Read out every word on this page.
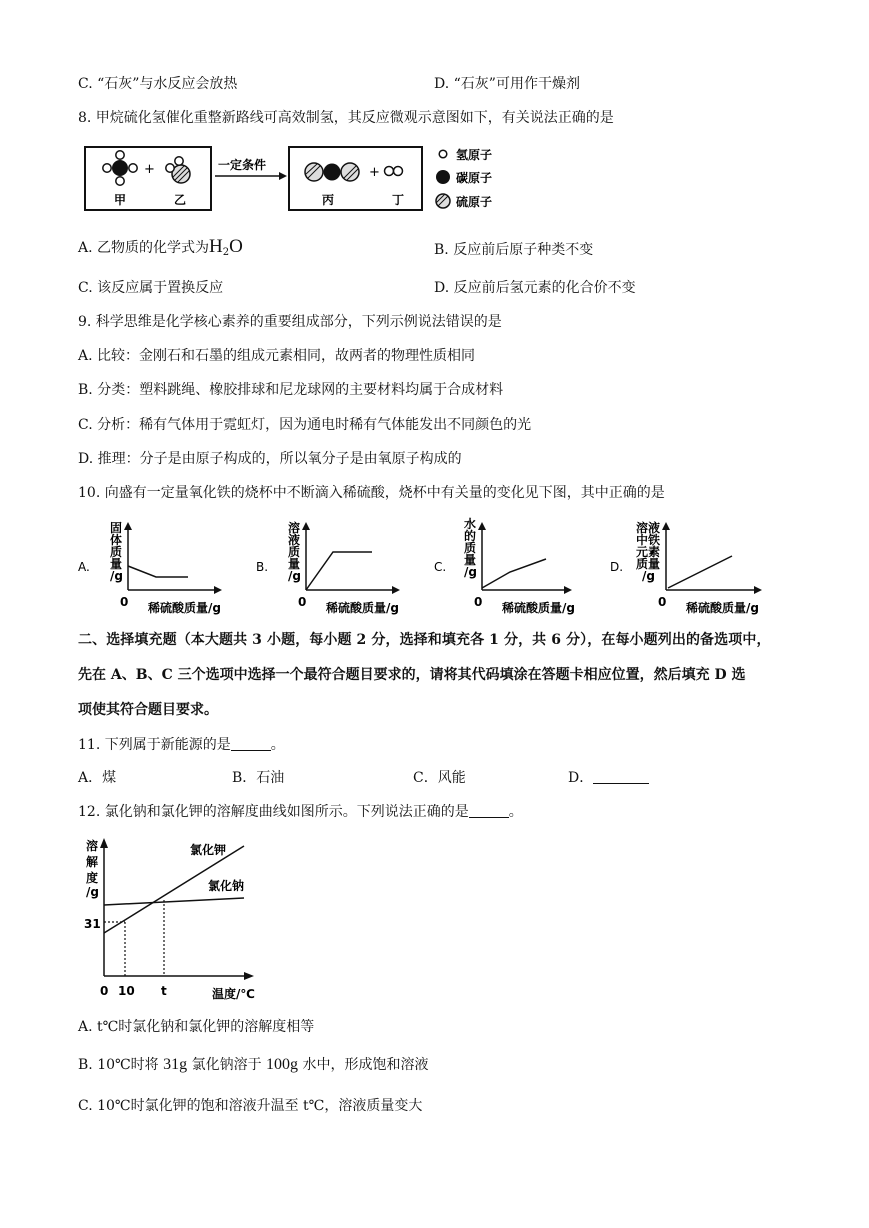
C. “石灰”与水反应会放热	D. “石灰”可用作干燥剂
8. 甲烷硫化氢催化重整新路线可高效制氢，其反应微观示意图如下，有关说法正确的是
+
甲	乙
一定条件	+
丙	丁
氢原子
碳原子
硫原子
A. 乙物质的化学式为$H_2O$	B. 反应前后原子种类不变
C. 该反应属于置换反应	D. 反应前后氢元素的化合价不变
9. 科学思维是化学核心素养的重要组成部分，下列示例说法错误的是
A. 比较：金刚石和石墨的组成元素相同，故两者的物理性质相同
B. 分类：塑料跳绳、橡胶排球和尼龙球网的主要材料均属于合成材料
C. 分析：稀有气体用于霓虹灯，因为通电时稀有气体能发出不同颜色的光
D. 推理：分子是由原子构成的，所以氧分子是由氧原子构成的
10. 向盛有一定量氧化铁的烧杯中不断滴入稀硫酸，烧杯中有关量的变化见下图，其中正确的是
A.
固
体
质
量
/g
0 稀硫酸质量/g
B.
溶
液
质
量
/g
0 稀硫酸质量/g
C.
水
的
质
量
/g
0 稀硫酸质量/g
D.
溶液
中铁
元素
质量
/g
0 稀硫酸质量/g
二、选择填充题（本大题共 3 小题，每小题 2 分，选择和填充各 1 分，共 6 分），在每小题列出的备选项中，
先在 A、B、C 三个选项中选择一个最符合题目要求的，请将其代码填涂在答题卡相应位置，然后填充 D 选
项使其符合题目要求。
11. 下列属于新能源的是	。
A．煤	B．石油	C．风能	D．
12. 氯化钠和氯化钾的溶解度曲线如图所示。下列说法正确的是	。
溶
解
度
/g
31
0 10 t	温度/℃
氯化钾
氯化钠
A. t℃时氯化钠和氯化钾的溶解度相等
B. 10℃时将 31g 氯化钠溶于 100g 水中，形成饱和溶液
C. 10℃时氯化钾的饱和溶液升温至 t℃，溶液质量变大
